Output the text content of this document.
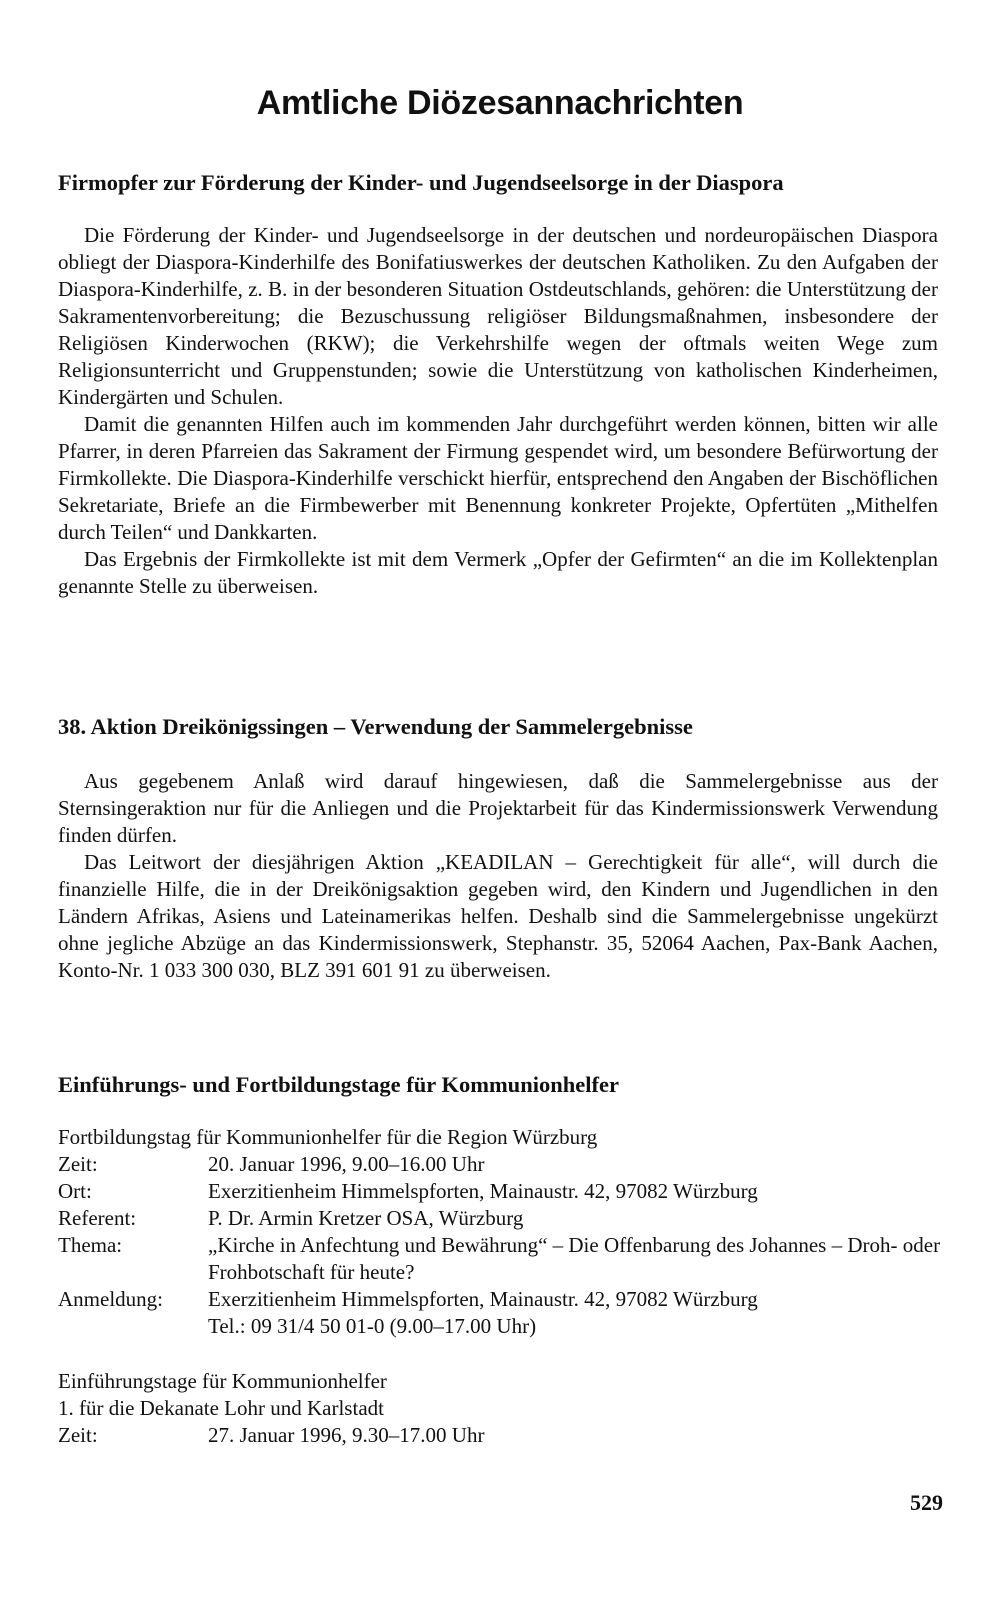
Amtliche Diözesannachrichten
Firmopfer zur Förderung der Kinder- und Jugendseelsorge in der Diaspora

Die Förderung der Kinder- und Jugendseelsorge in der deutschen und nordeuropäischen Diaspora obliegt der Diaspora-Kinderhilfe des Bonifatiuswerkes der deutschen Katholiken. Zu den Aufgaben der Diaspora-Kinderhilfe, z. B. in der besonderen Situation Ostdeutschlands, gehören: die Unterstützung der Sakramentenvorbereitung; die Bezuschussung religiöser Bildungsmaßnahmen, insbesondere der Religiösen Kinderwochen (RKW); die Verkehrshilfe wegen der oftmals weiten Wege zum Religionsunterricht und Gruppenstunden; sowie die Unterstützung von katholischen Kinderheimen, Kindergärten und Schulen.

Damit die genannten Hilfen auch im kommenden Jahr durchgeführt werden können, bitten wir alle Pfarrer, in deren Pfarreien das Sakrament der Firmung gespendet wird, um besondere Befürwortung der Firmkollekte. Die Diaspora-Kinderhilfe verschickt hierfür, entsprechend den Angaben der Bischöflichen Sekretariate, Briefe an die Firmbewerber mit Benennung konkreter Projekte, Opfertüten „Mithelfen durch Teilen“ und Dankkarten.

Das Ergebnis der Firmkollekte ist mit dem Vermerk „Opfer der Gefirmten“ an die im Kollektenplan genannte Stelle zu überweisen.

38. Aktion Dreikönigssingen – Verwendung der Sammelergebnisse

Aus gegebenem Anlaß wird darauf hingewiesen, daß die Sammelergebnisse aus der Sternsingeraktion nur für die Anliegen und die Projektarbeit für das Kindermissionswerk Verwendung finden dürfen.

Das Leitwort der diesjährigen Aktion „KEADILAN – Gerechtigkeit für alle“, will durch die finanzielle Hilfe, die in der Dreikönigsaktion gegeben wird, den Kindern und Jugendlichen in den Ländern Afrikas, Asiens und Lateinamerikas helfen. Deshalb sind die Sammelergebnisse ungekürzt ohne jegliche Abzüge an das Kindermissionswerk, Stephanstr. 35, 52064 Aachen, Pax-Bank Aachen, Konto-Nr. 1 033 300 030, BLZ 391 601 91 zu überweisen.

Einführungs- und Fortbildungstage für Kommunionhelfer
Fortbildungstag für Kommunionhelfer für die Region Würzburg
Zeit:	20. Januar 1996, 9.00–16.00 Uhr
Ort:	Exerzitienheim Himmelspforten, Mainaustr. 42, 97082 Würzburg
Referent:	P. Dr. Armin Kretzer OSA, Würzburg
Thema:	„Kirche in Anfechtung und Bewährung“ – Die Offenbarung des Johannes – Droh- oder Frohbotschaft für heute?
Anmeldung:	Exerzitienheim Himmelspforten, Mainaustr. 42, 97082 Würzburg
Tel.: 09 31/4 50 01-0 (9.00–17.00 Uhr)
Einführungstage für Kommunionhelfer
1. für die Dekanate Lohr und Karlstadt
Zeit:	27. Januar 1996, 9.30–17.00 Uhr
529
